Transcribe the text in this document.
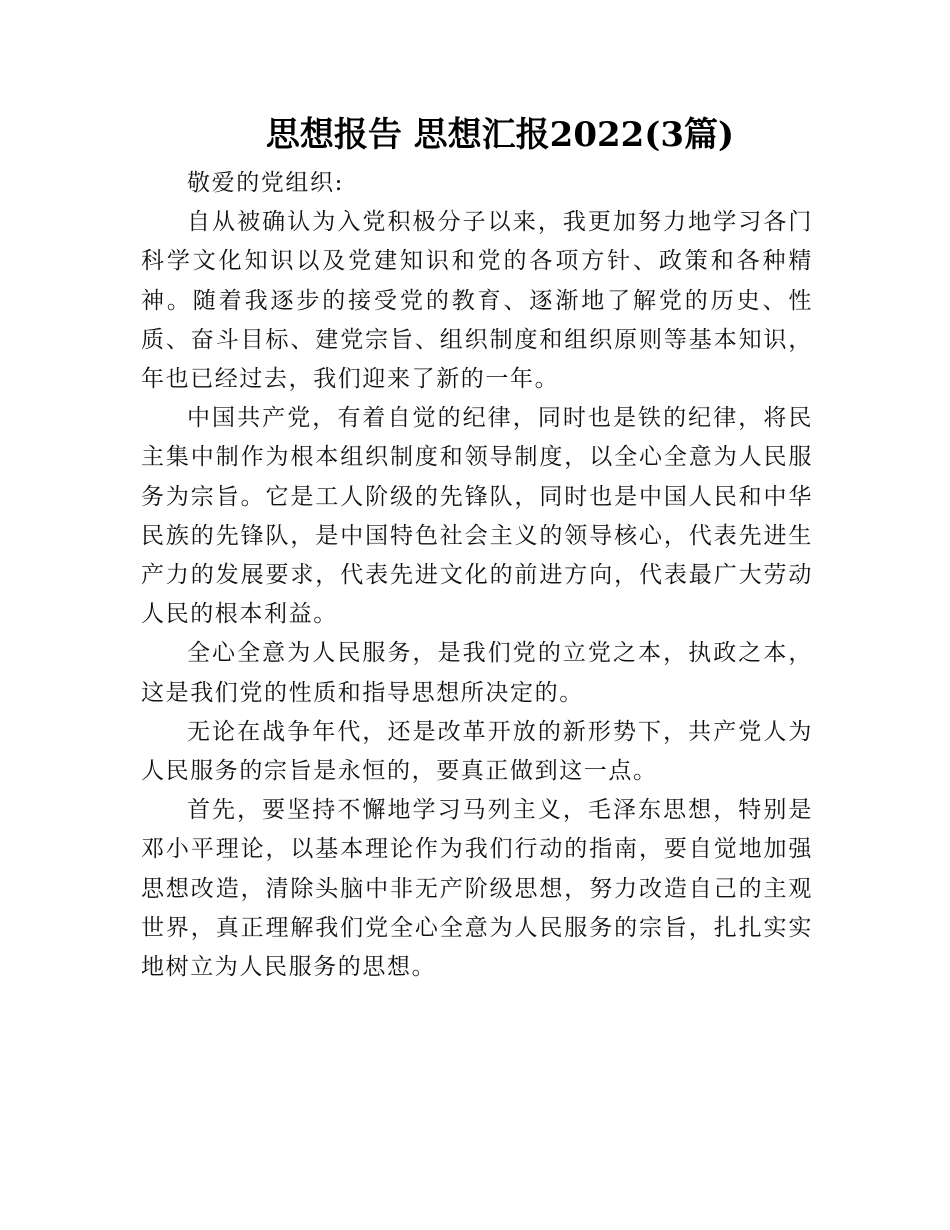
思想报告 思想汇报2022(3篇)

敬爱的党组织:

自从被确认为入党积极分子以来，我更加努力地学习各门科学文化知识以及党建知识和党的各项方针、政策和各种精神。随着我逐步的接受党的教育、逐渐地了解党的历史、性质、奋斗目标、建党宗旨、组织制度和组织原则等基本知识，年也已经过去，我们迎来了新的一年。

中国共产党，有着自觉的纪律，同时也是铁的纪律，将民主集中制作为根本组织制度和领导制度，以全心全意为人民服务为宗旨。它是工人阶级的先锋队，同时也是中国人民和中华民族的先锋队，是中国特色社会主义的领导核心，代表先进生产力的发展要求，代表先进文化的前进方向，代表最广大劳动人民的根本利益。

全心全意为人民服务，是我们党的立党之本，执政之本，这是我们党的性质和指导思想所决定的。

无论在战争年代，还是改革开放的新形势下，共产党人为人民服务的宗旨是永恒的，要真正做到这一点。

首先，要坚持不懈地学习马列主义，毛泽东思想，特别是邓小平理论，以基本理论作为我们行动的指南，要自觉地加强思想改造，清除头脑中非无产阶级思想，努力改造自己的主观世界，真正理解我们党全心全意为人民服务的宗旨，扎扎实实地树立为人民服务的思想。
